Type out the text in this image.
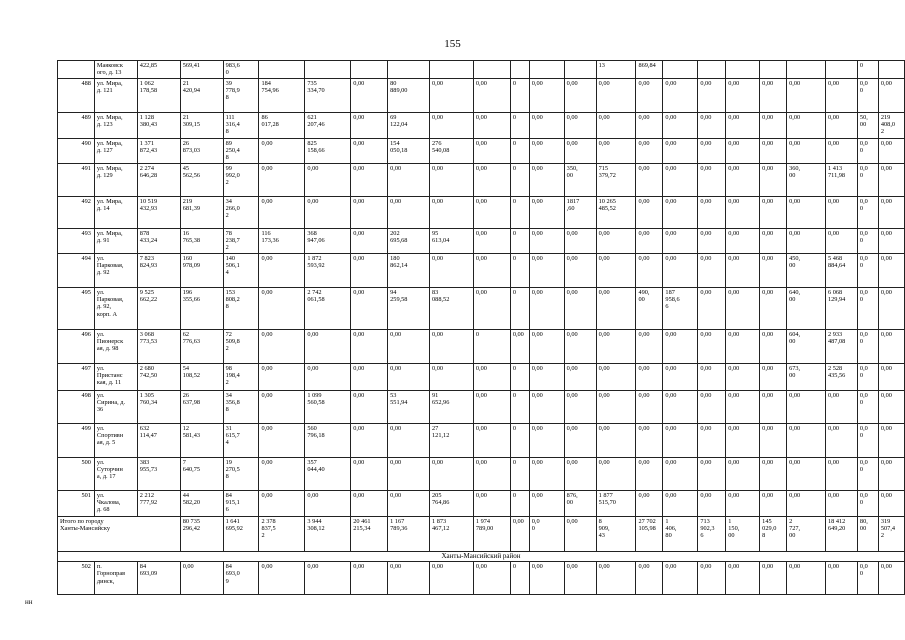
155
	Маяковск
ого, д. 13	422,85	569,41	983,6
0										13	869,84							0	
488	ул. Мира,
д. 121	1 062
178,58	21
420,94	39
778,9
8	184
754,96	735
334,70	0,00	80
889,00	0,00	0,00	0	0,00	0,00	0,00	0,00	0,00	0,00	0,00	0,00	0,00	0,00	0,0
0	0,00
489	ул. Мира,
д. 123	1 128
380,43	21
309,15	111
316,4
8	86
017,28	621
207,46	0,00	69
122,04	0,00	0,00	0	0,00	0,00	0,00	0,00	0,00	0,00	0,00	0,00	0,00	0,00	50,
00	219
408,0
2
490	ул. Мира,
д. 127	1 371
872,43	26
873,03	89
250,4
8	0,00	825
158,66	0,00	154
050,18	276
540,08	0,00	0	0,00	0,00	0,00	0,00	0,00	0,00	0,00	0,00	0,00	0,00	0,0
0	0,00
491	ул. Мира,
д. 129	2 274
646,28	45
562,56	99
992,0
2	0,00	0,00	0,00	0,00	0,00	0,00	0	0,00	350,
00	715
379,72	0,00	0,00	0,00	0,00	0,00	360,
00	1 413
711,98	0,0
0	0,00
492	ул. Мира,
д. 14	10 519
432,93	219
681,39	34
266,0
2	0,00	0,00	0,00	0,00	0,00	0,00	0	0,00	1817
,60	10 265
485,52	0,00	0,00	0,00	0,00	0,00	0,00	0,00	0,0
0	0,00
493	ул. Мира,
д. 91	878
433,24	16
765,38	78
238,7
2	116
173,36	368
947,06	0,00	202
695,68	95
613,04	0,00	0	0,00	0,00	0,00	0,00	0,00	0,00	0,00	0,00	0,00	0,00	0,0
0	0,00
494	ул.
Парковая,
д. 92	7 823
824,93	160
978,09	140
506,1
4	0,00	1 872
593,92	0,00	180
862,14	0,00	0,00	0	0,00	0,00	0,00	0,00	0,00	0,00	0,00	0,00	450,
00	5 468
884,64	0,0
0	0,00
495	ул.
Парковая,
д. 92,
корп. А	9 525
662,22	196
355,66	153
808,2
8	0,00	2 742
061,58	0,00	94
259,58	83
088,52	0,00	0	0,00	0,00	0,00	490,
00	187
958,6
6	0,00	0,00	0,00	640,
00	6 068
129,94	0,0
0	0,00
496	ул.
Пионерск
ая, д. 98	3 068
773,53	62
776,63	72
509,8
2	0,00	0,00	0,00	0,00	0,00	0	0,00	0,00	0,00	0,00	0,00	0,00	0,00	0,00	0,00	604,
00	2 933
487,08	0,0
0	0,00
497	ул.
Пристанс
кая, д. 11	2 680
742,50	54
108,52	98
198,4
2	0,00	0,00	0,00	0,00	0,00	0,00	0	0,00	0,00	0,00	0,00	0,00	0,00	0,00	0,00	673,
00	2 528
435,56	0,0
0	0,00
498	ул.
Сирина, д.
36	1 305
760,34	26
637,98	34
356,8
8	0,00	1 099
560,58	0,00	53
551,94	91
652,96	0,00	0	0,00	0,00	0,00	0,00	0,00	0,00	0,00	0,00	0,00	0,00	0,0
0	0,00
499	ул.
Спортивн
ая, д. 5	632
114,47	12
581,43	31
615,7
4	0,00	560
796,18	0,00	0,00	27
121,12	0,00	0	0,00	0,00	0,00	0,00	0,00	0,00	0,00	0,00	0,00	0,00	0,0
0	0,00
500	ул.
Суторчин
а, д. 17	383
955,73	7
640,75	19
270,5
8	0,00	357
044,40	0,00	0,00	0,00	0,00	0	0,00	0,00	0,00	0,00	0,00	0,00	0,00	0,00	0,00	0,00	0,0
0	0,00
501	ул.
Чкалова,
д. 68	2 212
777,92	44
582,20	84
915,1
6	0,00	0,00	0,00	0,00	205
764,86	0,00	0	0,00	876,
00	1 877
515,70	0,00	0,00	0,00	0,00	0,00	0,00	0,00	0,0
0	0,00
Итого по городу
Ханты-Мансийску			80 735
296,42	1 641
695,92	2 378
837,5
2	3 944
308,12	20 461
215,34	1 167
789,36	1 873
467,12	1 974
789,00	0,00	0,0
0	0,00	8
909,
43	27 702
105,98	1
406,
80	713
902,3
6	1
150,
00	145
029,0
8	2
727,
00	18 412
649,20	80,
00	319
507,4
2
Ханты-Мансийский район																							
502	п.
Горноправ
динск,	84
693,09	0,00	84
693,0
9	0,00	0,00	0,00	0,00	0,00	0,00	0	0,00	0,00	0,00	0,00	0,00	0,00	0,00	0,00	0,00	0,00	0,0
0	0,00
нн
